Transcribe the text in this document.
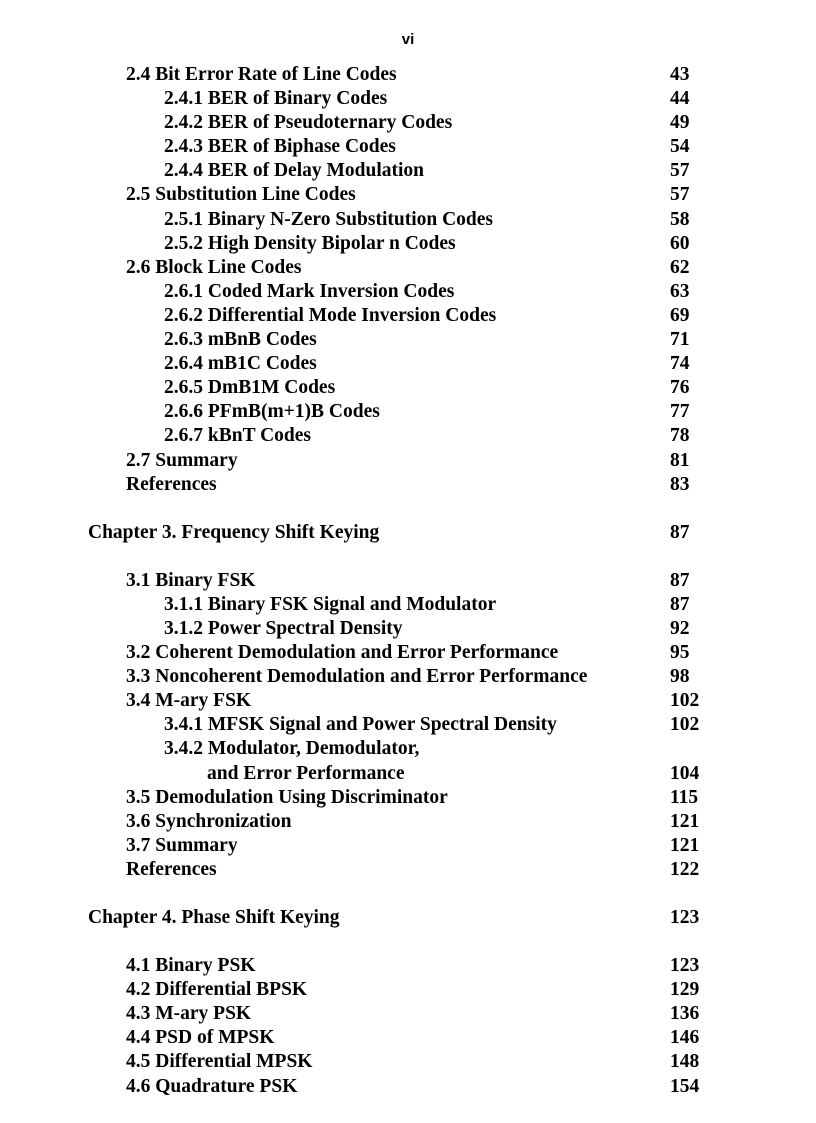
vi
2.4 Bit Error Rate of Line Codes	43
2.4.1 BER of Binary Codes	44
2.4.2 BER of Pseudoternary Codes	49
2.4.3 BER of Biphase Codes	54
2.4.4 BER of Delay Modulation	57
2.5 Substitution Line Codes	57
2.5.1 Binary N-Zero Substitution Codes	58
2.5.2 High Density Bipolar n Codes	60
2.6 Block Line Codes	62
2.6.1 Coded Mark Inversion Codes	63
2.6.2 Differential Mode Inversion Codes	69
2.6.3 mBnB Codes	71
2.6.4 mB1C Codes	74
2.6.5 DmB1M Codes	76
2.6.6 PFmB(m+1)B Codes	77
2.6.7 kBnT Codes	78
2.7 Summary	81
References	83
Chapter 3. Frequency Shift Keying	87
3.1 Binary FSK	87
3.1.1 Binary FSK Signal and Modulator	87
3.1.2 Power Spectral Density	92
3.2 Coherent Demodulation and Error Performance	95
3.3 Noncoherent Demodulation and Error Performance	98
3.4 M-ary FSK	102
3.4.1 MFSK Signal and Power Spectral Density	102
3.4.2 Modulator, Demodulator,
and Error Performance	104
3.5 Demodulation Using Discriminator	115
3.6 Synchronization	121
3.7 Summary	121
References	122
Chapter 4. Phase Shift Keying	123
4.1 Binary PSK	123
4.2 Differential BPSK	129
4.3 M-ary PSK	136
4.4 PSD of MPSK	146
4.5 Differential MPSK	148
4.6 Quadrature PSK	154
